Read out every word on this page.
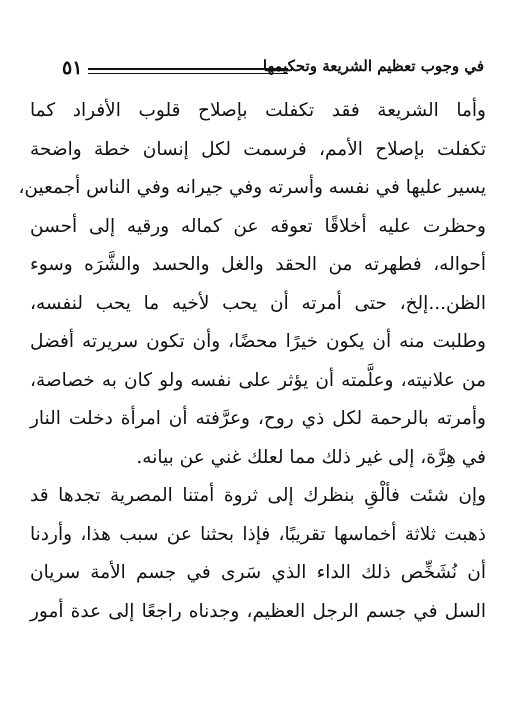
٥١	في وجوب تعظيم الشريعة وتحكيمها
وأما الشريعة فقد تكفلت بإصلاح قلوب الأفراد كما
تكفلت بإصلاح الأمم، فرسمت لكل إنسان خطة واضحة
يسير عليها في نفسه وأسرته وفي جيرانه وفي الناس أجمعين،
وحظرت عليه أخلاقًا تعوقه عن كماله ورقيه إلى أحسن
أحواله، فطهرته من الحقد والغل والحسد والشَّرَه وسوء
الظن...إلخ، حتى أمرته أن يحب لأخيه ما يحب لنفسه،
وطلبت منه أن يكون خيرًا محضًا، وأن تكون سريرته أفضل
من علانيته، وعلَّمته أن يؤثر على نفسه ولو كان به خصاصة،
وأمرته بالرحمة لكل ذي روح، وعرَّفته أن امرأة دخلت النار
في هِرَّة، إلى غير ذلك مما لعلك غني عن بيانه.
وإن شئت فألْقِ بنظرك إلى ثروة أمتنا المصرية تجدها قد
ذهبت ثلاثة أخماسها تقريبًا، فإذا بحثنا عن سبب هذا، وأردنا
أن نُشَخِّص ذلك الداء الذي سَرى في جسم الأمة سريان
السل في جسم الرجل العظيم، وجدناه راجعًا إلى عدة أمور
